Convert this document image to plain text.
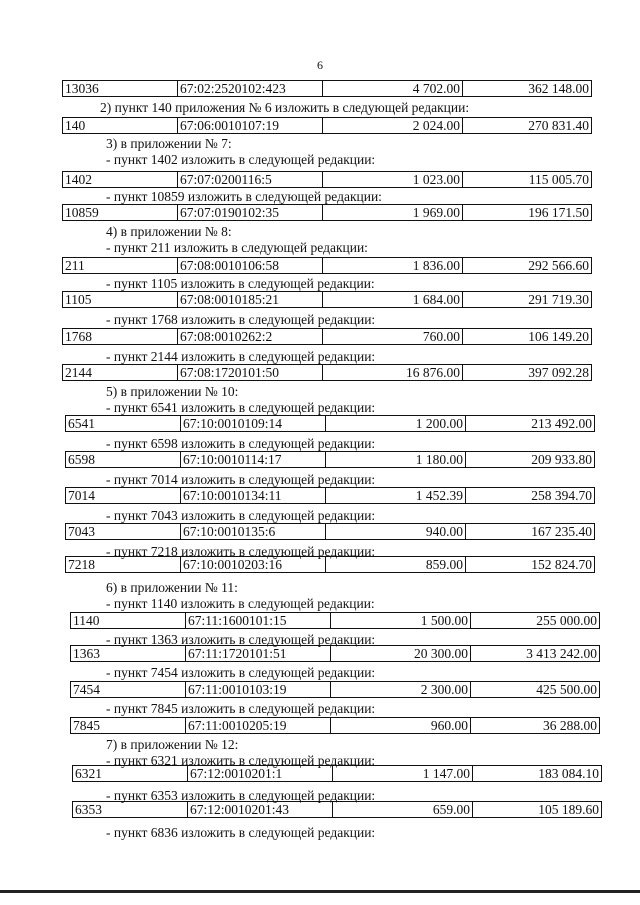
6
13036	67:02:2520102:423	4 702.00	362 148.00
2) пункт 140 приложения № 6 изложить в следующей редакции:
140	67:06:0010107:19	2 024.00	270 831.40
3) в приложении № 7:
- пункт 1402 изложить в следующей редакции:
1402	67:07:0200116:5	1 023.00	115 005.70
- пункт 10859 изложить в следующей редакции:
10859	67:07:0190102:35	1 969.00	196 171.50
4) в приложении № 8:
- пункт 211 изложить в следующей редакции:
211	67:08:0010106:58	1 836.00	292 566.60
- пункт 1105 изложить в следующей редакции:
1105	67:08:0010185:21	1 684.00	291 719.30
- пункт 1768 изложить в следующей редакции:
1768	67:08:0010262:2	760.00	106 149.20
- пункт 2144 изложить в следующей редакции:
2144	67:08:1720101:50	16 876.00	397 092.28
5) в приложении № 10:
- пункт 6541 изложить в следующей редакции:
6541	67:10:0010109:14	1 200.00	213 492.00
- пункт 6598 изложить в следующей редакции:
6598	67:10:0010114:17	1 180.00	209 933.80
- пункт 7014 изложить в следующей редакции:
7014	67:10:0010134:11	1 452.39	258 394.70
- пункт 7043 изложить в следующей редакции:
7043	67:10:0010135:6	940.00	167 235.40
- пункт 7218 изложить в следующей редакции:
7218	67:10:0010203:16	859.00	152 824.70
6) в приложении № 11:
- пункт 1140 изложить в следующей редакции:
1140	67:11:1600101:15	1 500.00	255 000.00
- пункт 1363 изложить в следующей редакции:
1363	67:11:1720101:51	20 300.00	3 413 242.00
- пункт 7454 изложить в следующей редакции:
7454	67:11:0010103:19	2 300.00	425 500.00
- пункт 7845 изложить в следующей редакции:
7845	67:11:0010205:19	960.00	36 288.00
7) в приложении № 12:
- пункт 6321 изложить в следующей редакции:
6321	67:12:0010201:1	1 147.00	183 084.10
- пункт 6353 изложить в следующей редакции:
6353	67:12:0010201:43	659.00	105 189.60
- пункт 6836 изложить в следующей редакции:
